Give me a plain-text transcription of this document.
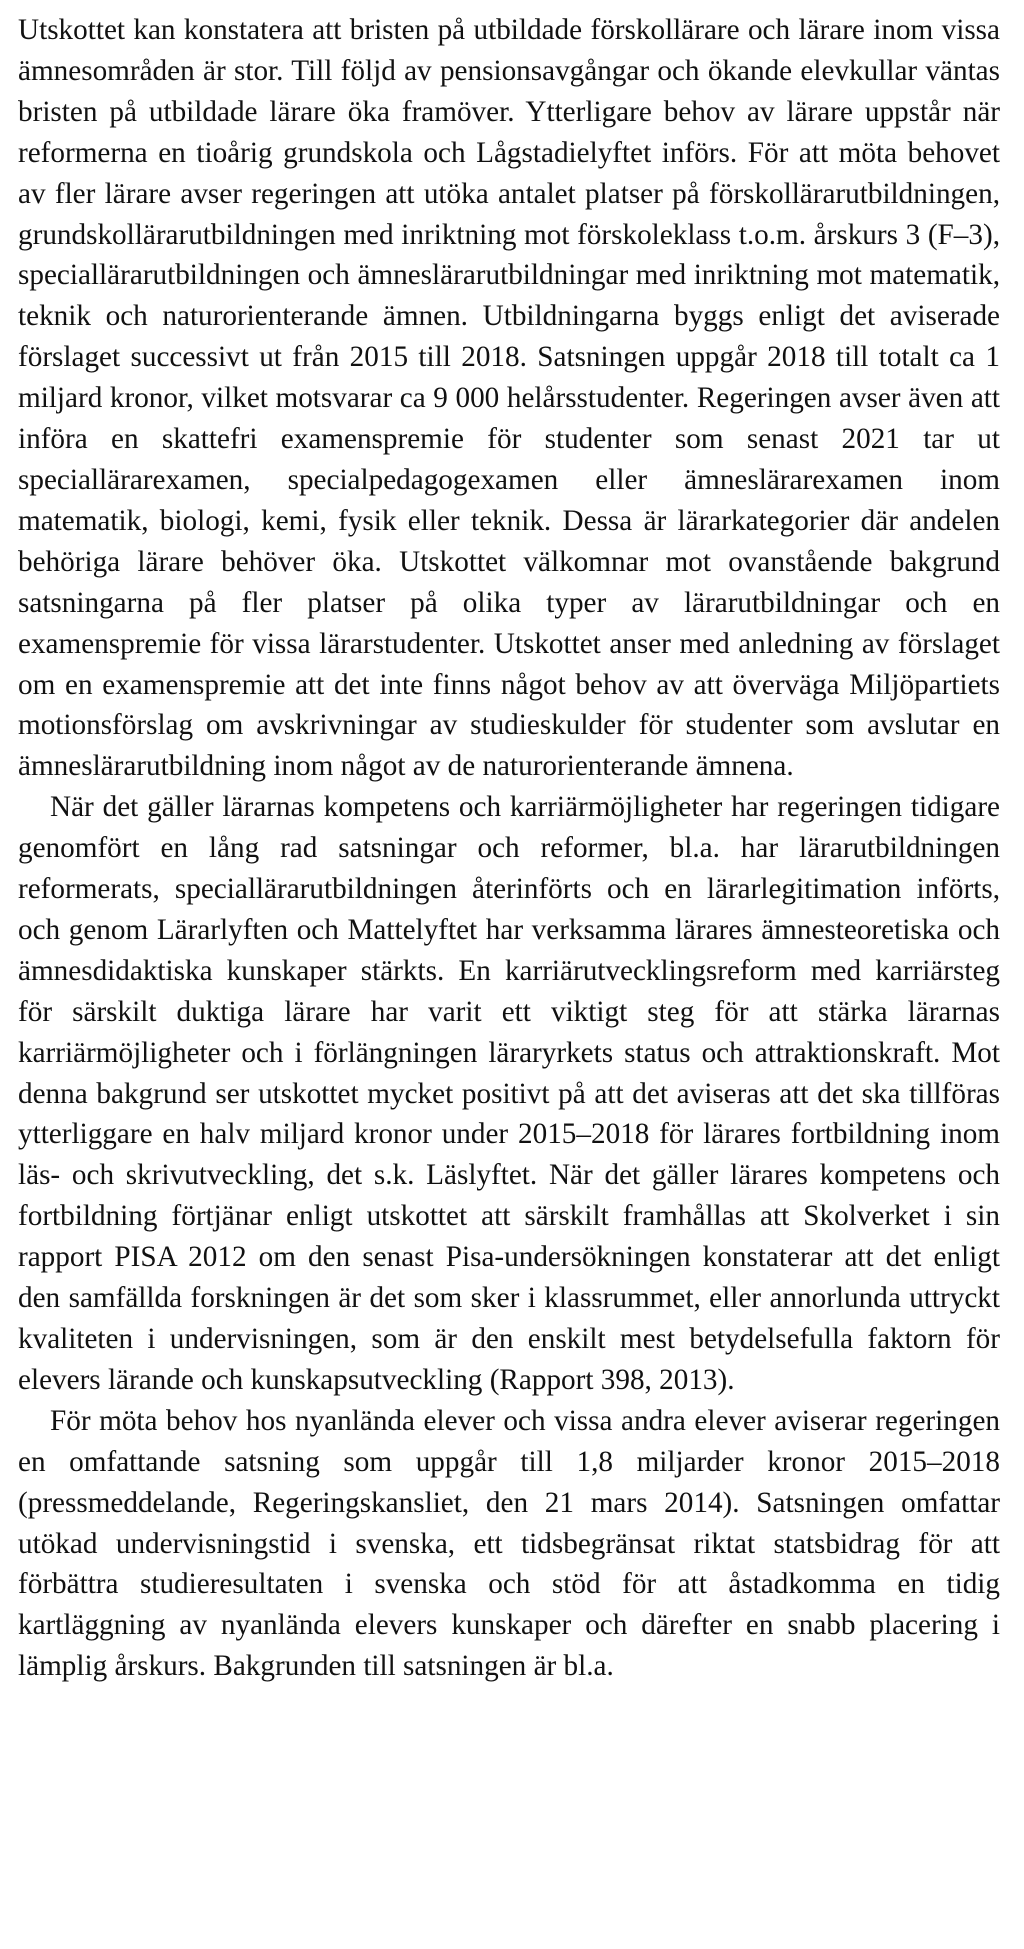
Utskottet kan konstatera att bristen på utbildade förskollärare och lärare inom vissa ämnesområden är stor. Till följd av pensionsavgångar och ökande elevkullar väntas bristen på utbildade lärare öka framöver. Ytterligare behov av lärare uppstår när reformerna en tioårig grundskola och Lågstadielyftet införs. För att möta behovet av fler lärare avser regeringen att utöka antalet platser på förskollärarutbildningen, grundskollärarutbildningen med inriktning mot förskoleklass t.o.m. årskurs 3 (F–3), speciallärarutbildningen och ämneslärarutbildningar med inriktning mot matematik, teknik och naturorienterande ämnen. Utbildningarna byggs enligt det aviserade förslaget successivt ut från 2015 till 2018. Satsningen uppgår 2018 till totalt ca 1 miljard kronor, vilket motsvarar ca 9 000 helårsstudenter. Regeringen avser även att införa en skattefri examenspremie för studenter som senast 2021 tar ut speciallärarexamen, specialpedagogexamen eller ämneslärarexamen inom matematik, biologi, kemi, fysik eller teknik. Dessa är lärarkategorier där andelen behöriga lärare behöver öka. Utskottet välkomnar mot ovanstående bakgrund satsningarna på fler platser på olika typer av lärarutbildningar och en examenspremie för vissa lärarstudenter. Utskottet anser med anledning av förslaget om en examenspremie att det inte finns något behov av att överväga Miljöpartiets motionsförslag om avskrivningar av studieskulder för studenter som avslutar en ämneslärarutbildning inom något av de naturorienterande ämnena.

När det gäller lärarnas kompetens och karriärmöjligheter har regeringen tidigare genomfört en lång rad satsningar och reformer, bl.a. har lärarutbildningen reformerats, speciallärarutbildningen återinförts och en lärarlegitimation införts, och genom Lärarlyften och Mattelyftet har verksamma lärares ämnesteoretiska och ämnesdidaktiska kunskaper stärkts. En karriärutvecklingsreform med karriärsteg för särskilt duktiga lärare har varit ett viktigt steg för att stärka lärarnas karriärmöjligheter och i förlängningen läraryrkets status och attraktionskraft. Mot denna bakgrund ser utskottet mycket positivt på att det aviseras att det ska tillföras ytterliggare en halv miljard kronor under 2015–2018 för lärares fortbildning inom läs- och skrivutveckling, det s.k. Läslyftet. När det gäller lärares kompetens och fortbildning förtjänar enligt utskottet att särskilt framhållas att Skolverket i sin rapport PISA 2012 om den senast Pisa-undersökningen konstaterar att det enligt den samfällda forskningen är det som sker i klassrummet, eller annorlunda uttryckt kvaliteten i undervisningen, som är den enskilt mest betydelsefulla faktorn för elevers lärande och kunskapsutveckling (Rapport 398, 2013).

För möta behov hos nyanlända elever och vissa andra elever aviserar regeringen en omfattande satsning som uppgår till 1,8 miljarder kronor 2015–2018 (pressmeddelande, Regeringskansliet, den 21 mars 2014). Satsningen omfattar utökad undervisningstid i svenska, ett tidsbegränsat riktat statsbidrag för att förbättra studieresultaten i svenska och stöd för att åstadkomma en tidig kartläggning av nyanlända elevers kunskaper och därefter en snabb placering i lämplig årskurs. Bakgrunden till satsningen är bl.a.
